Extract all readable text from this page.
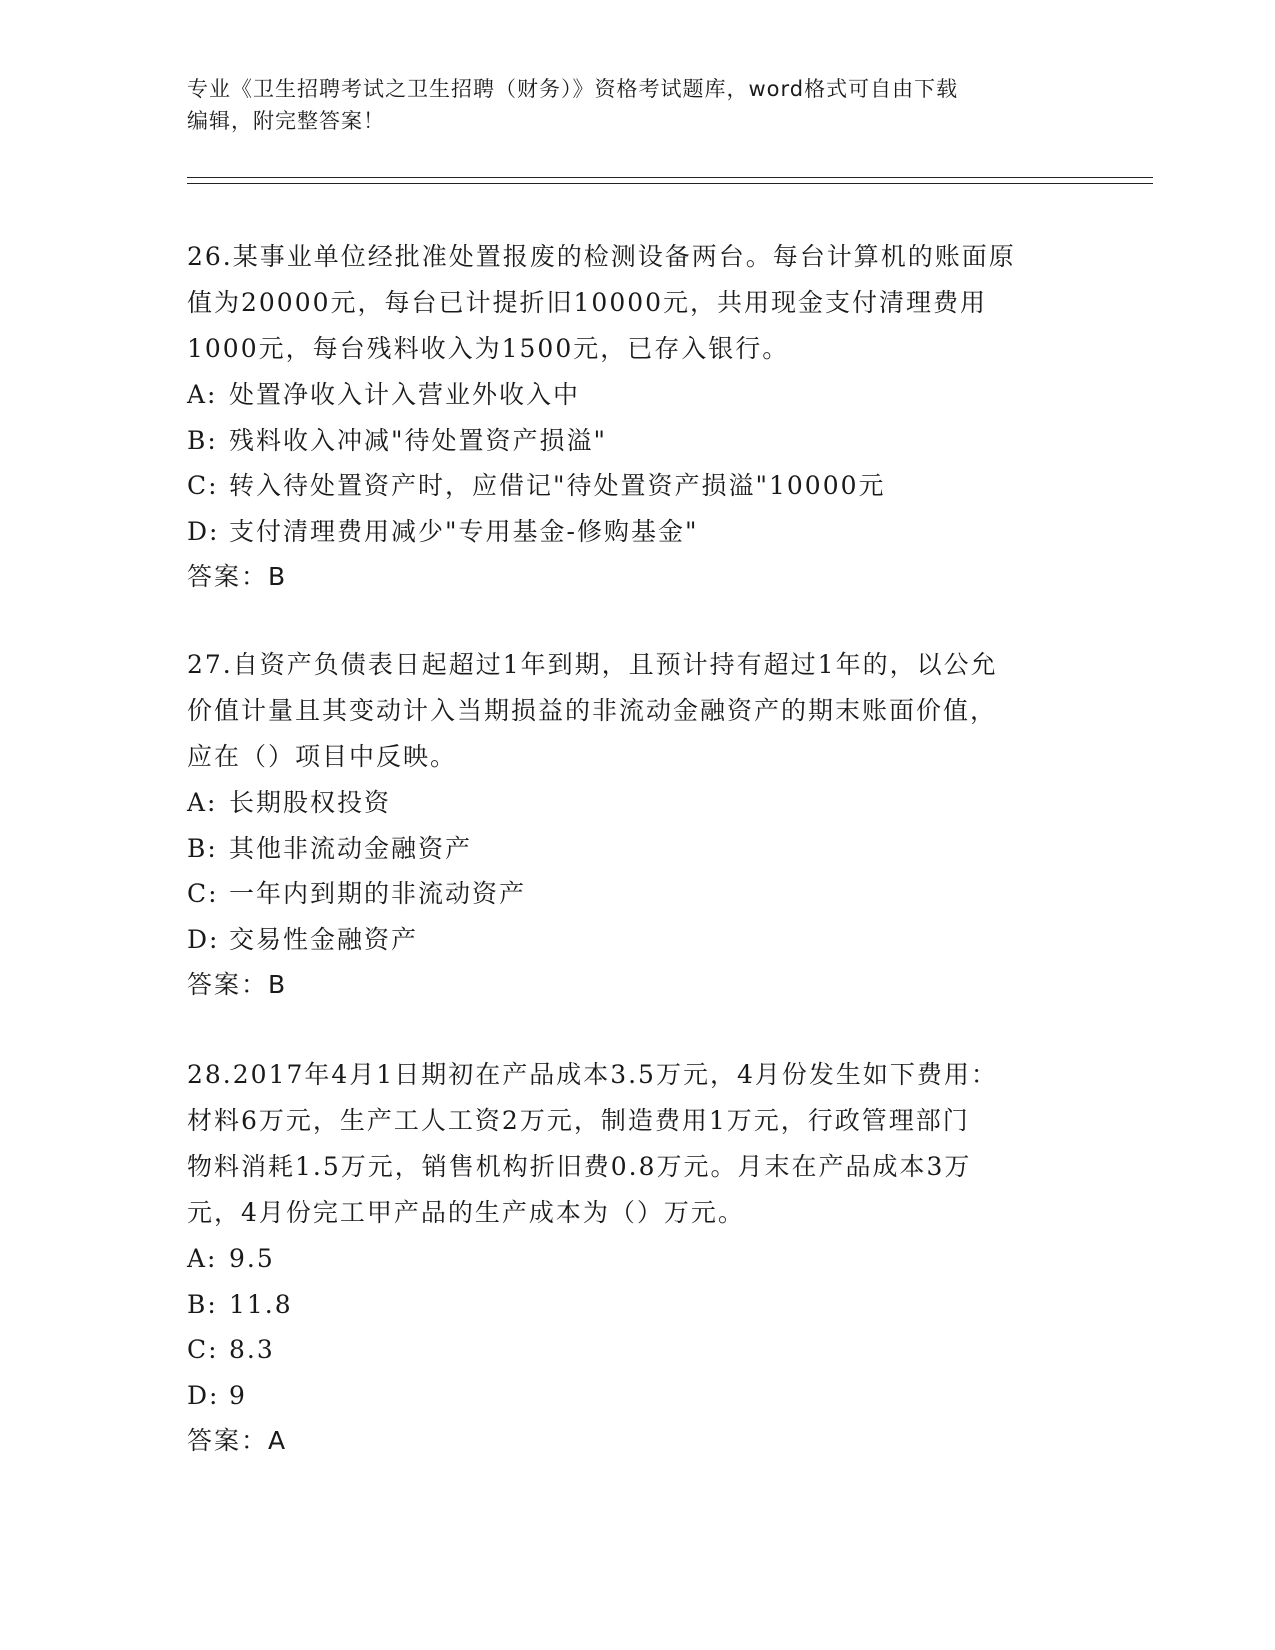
专业《卫生招聘考试之卫生招聘（财务）》资格考试题库，word格式可自由下载
编辑，附完整答案！

26.某事业单位经批准处置报废的检测设备两台。每台计算机的账面原

值为20000元，每台已计提折旧10000元，共用现金支付清理费用

1000元，每台残料收入为1500元，已存入银行。

A: 处置净收入计入营业外收入中

B: 残料收入冲减"待处置资产损溢"

C: 转入待处置资产时，应借记"待处置资产损溢"10000元

D: 支付清理费用减少"专用基金-修购基金"

答案：B

27.自资产负债表日起超过1年到期，且预计持有超过1年的，以公允

价值计量且其变动计入当期损益的非流动金融资产的期末账面价值，

应在（）项目中反映。

A: 长期股权投资

B: 其他非流动金融资产

C: 一年内到期的非流动资产

D: 交易性金融资产

答案：B

28.2017年4月1日期初在产品成本3.5万元，4月份发生如下费用：

材料6万元，生产工人工资2万元，制造费用1万元，行政管理部门

物料消耗1.5万元，销售机构折旧费0.8万元。月末在产品成本3万

元，4月份完工甲产品的生产成本为（）万元。

A: 9.5

B: 11.8

C: 8.3

D: 9

答案：A
